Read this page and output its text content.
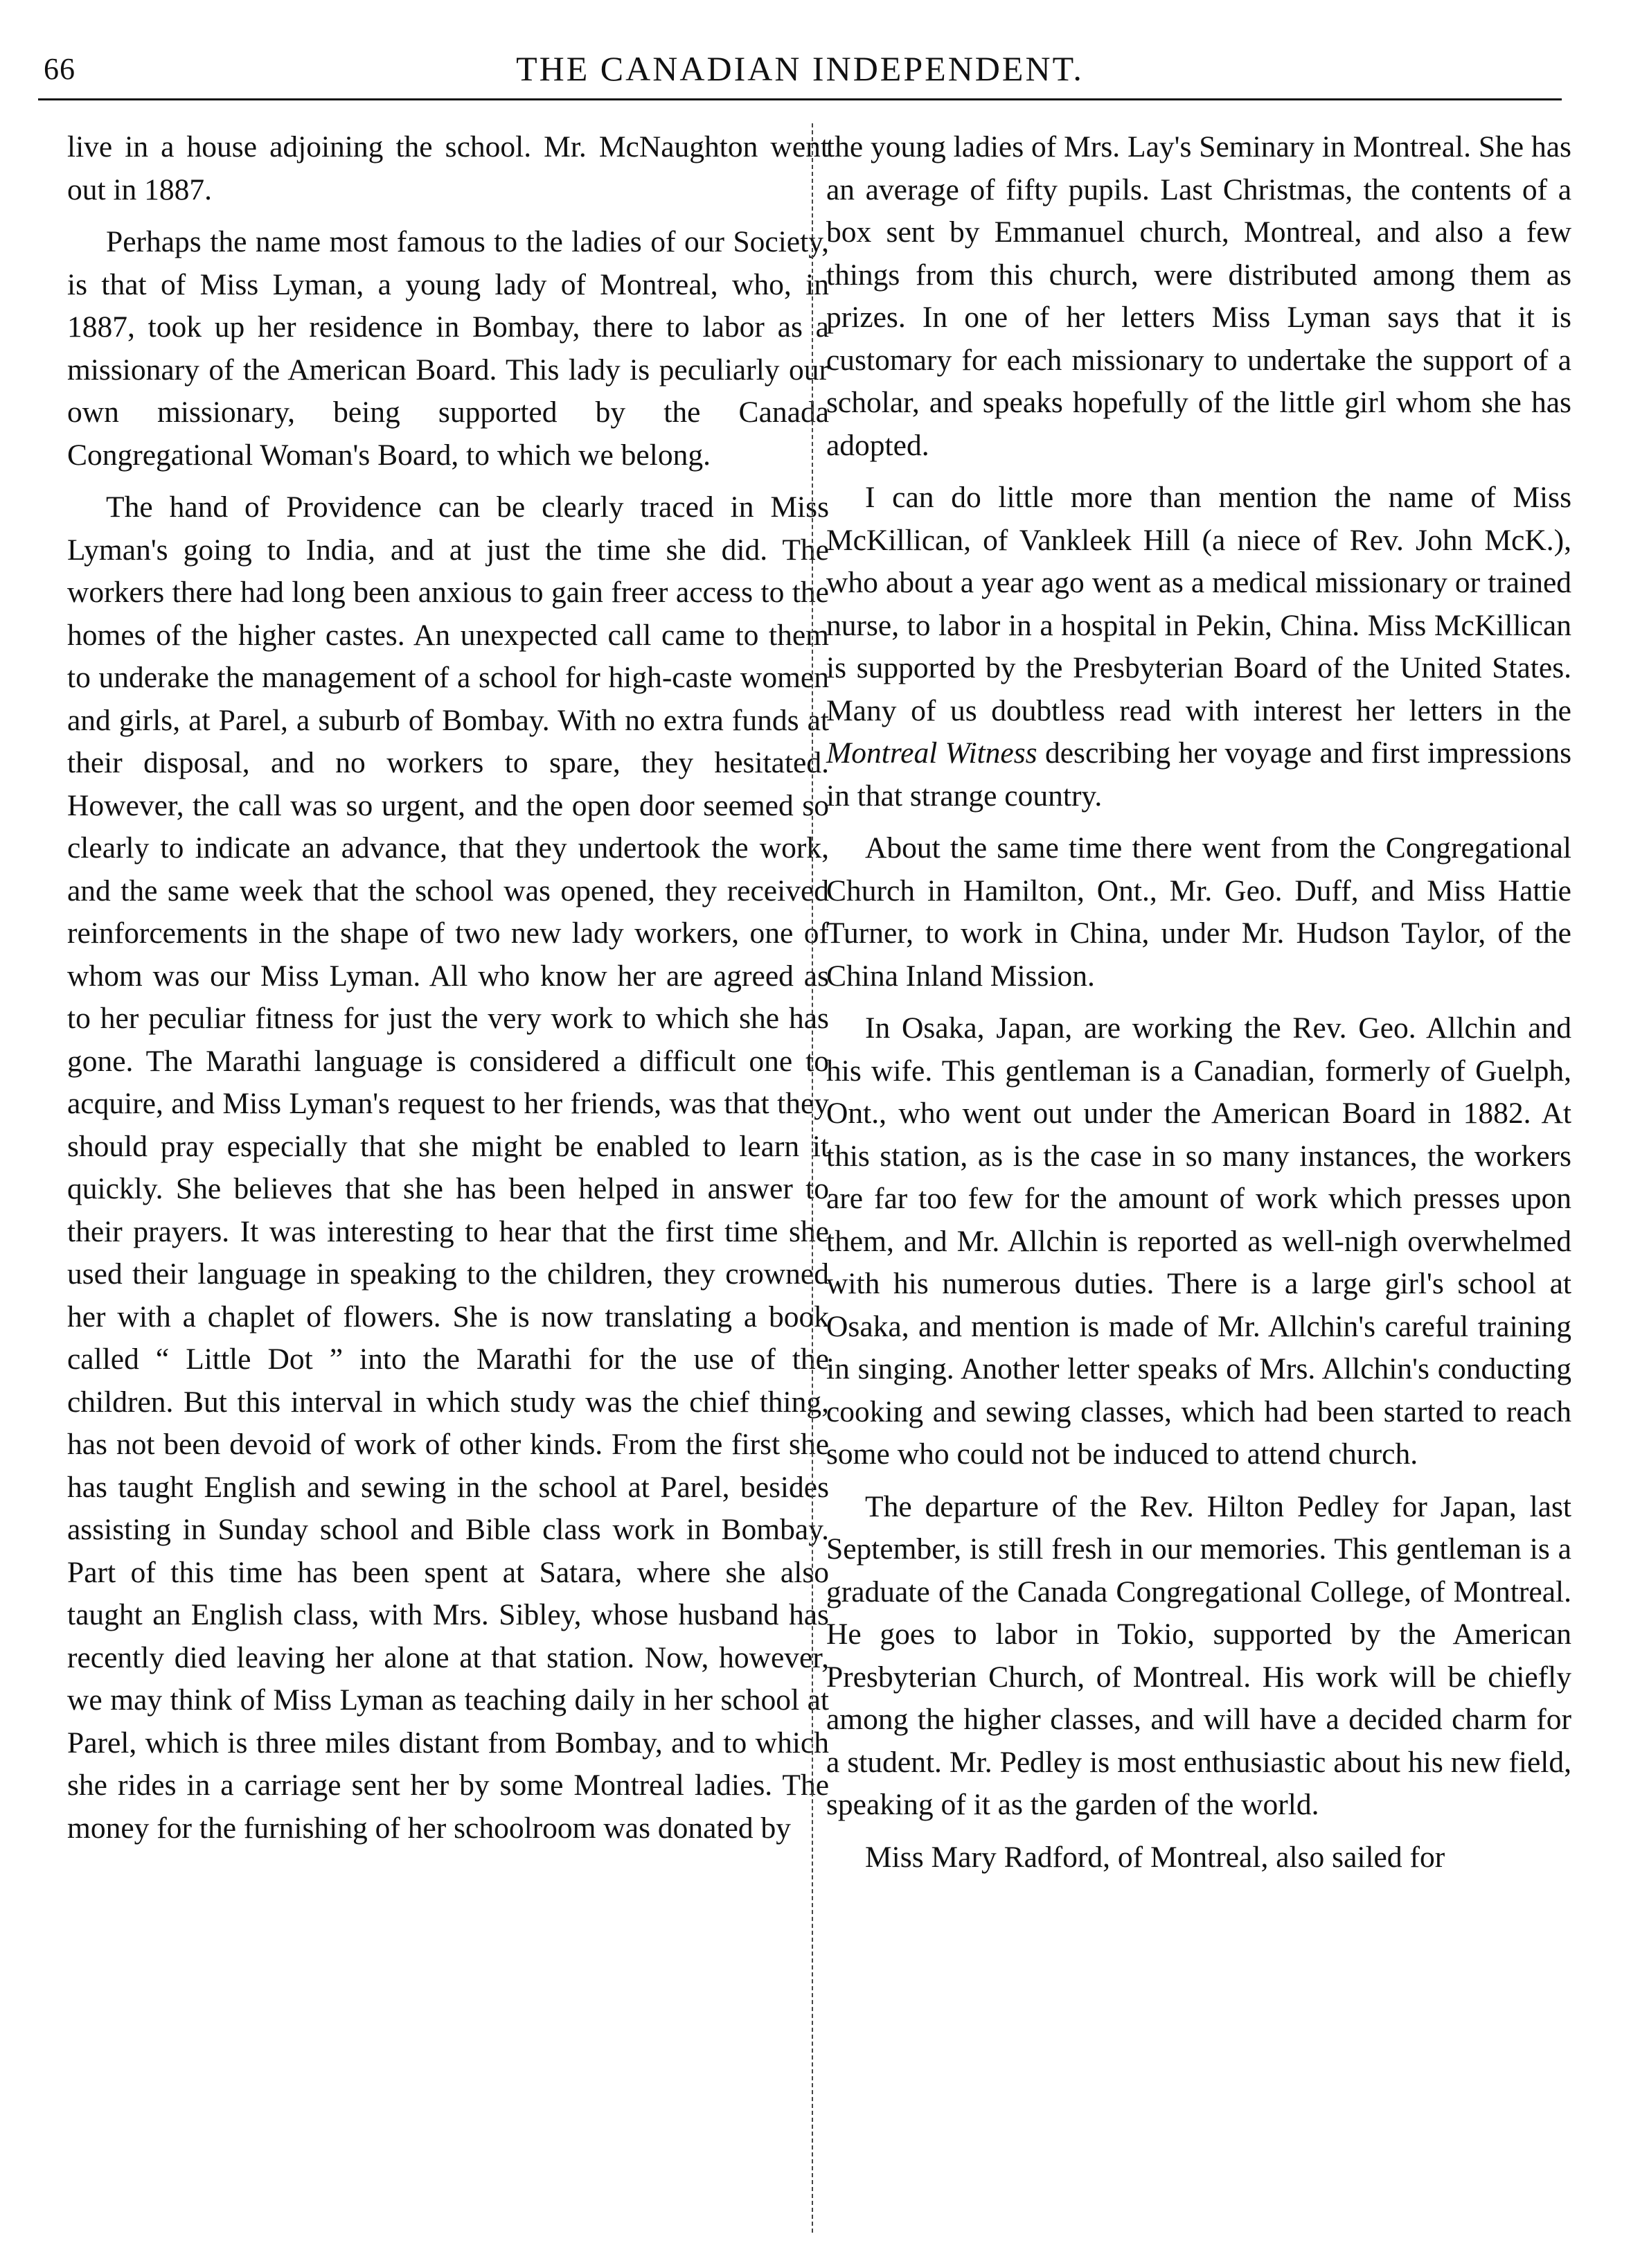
66	THE CANADIAN INDEPENDENT.

live in a house adjoining the school. Mr. McNaughton went out in 1887.

Perhaps the name most famous to the ladies of our Society, is that of Miss Lyman, a young lady of Montreal, who, in 1887, took up her residence in Bombay, there to labor as a missionary of the American Board. This lady is peculiarly our own missionary, being supported by the Canada Congregational Woman's Board, to which we belong.

The hand of Providence can be clearly traced in Miss Lyman's going to India, and at just the time she did. The workers there had long been anxious to gain freer access to the homes of the higher castes. An unexpected call came to them to underake the management of a school for high-caste women and girls, at Parel, a suburb of Bombay. With no extra funds at their disposal, and no workers to spare, they hesitated. However, the call was so urgent, and the open door seemed so clearly to indicate an advance, that they undertook the work, and the same week that the school was opened, they received reinforcements in the shape of two new lady workers, one of whom was our Miss Lyman. All who know her are agreed as to her peculiar fitness for just the very work to which she has gone. The Marathi language is considered a difficult one to acquire, and Miss Lyman's request to her friends, was that they should pray especially that she might be enabled to learn it quickly. She believes that she has been helped in answer to their prayers. It was interesting to hear that the first time she used their language in speaking to the children, they crowned her with a chaplet of flowers. She is now translating a book called “ Little Dot ” into the Marathi for the use of the children. But this interval in which study was the chief thing, has not been devoid of work of other kinds. From the first she has taught English and sewing in the school at Parel, besides assisting in Sunday school and Bible class work in Bombay. Part of this time has been spent at Satara, where she also taught an English class, with Mrs. Sibley, whose husband has recently died leaving her alone at that station. Now, however, we may think of Miss Lyman as teaching daily in her school at Parel, which is three miles distant from Bombay, and to which she rides in a carriage sent her by some Montreal ladies. The money for the furnishing of her schoolroom was donated by

the young ladies of Mrs. Lay's Seminary in Montreal. She has an average of fifty pupils. Last Christmas, the contents of a box sent by Emmanuel church, Montreal, and also a few things from this church, were distributed among them as prizes. In one of her letters Miss Lyman says that it is customary for each missionary to undertake the support of a scholar, and speaks hopefully of the little girl whom she has adopted.

I can do little more than mention the name of Miss McKillican, of Vankleek Hill (a niece of Rev. John McK.), who about a year ago went as a medical missionary or trained nurse, to labor in a hospital in Pekin, China. Miss McKillican is supported by the Presbyterian Board of the United States. Many of us doubtless read with interest her letters in the Montreal Witness describing her voyage and first impressions in that strange country.

About the same time there went from the Congregational Church in Hamilton, Ont., Mr. Geo. Duff, and Miss Hattie Turner, to work in China, under Mr. Hudson Taylor, of the China Inland Mission.

In Osaka, Japan, are working the Rev. Geo. Allchin and his wife. This gentleman is a Canadian, formerly of Guelph, Ont., who went out under the American Board in 1882. At this station, as is the case in so many instances, the workers are far too few for the amount of work which presses upon them, and Mr. Allchin is reported as well-nigh overwhelmed with his numerous duties. There is a large girl's school at Osaka, and mention is made of Mr. Allchin's careful training in singing. Another letter speaks of Mrs. Allchin's conducting cooking and sewing classes, which had been started to reach some who could not be induced to attend church.

The departure of the Rev. Hilton Pedley for Japan, last September, is still fresh in our memories. This gentleman is a graduate of the Canada Congregational College, of Montreal. He goes to labor in Tokio, supported by the American Presbyterian Church, of Montreal. His work will be chiefly among the higher classes, and will have a decided charm for a student. Mr. Pedley is most enthusiastic about his new field, speaking of it as the garden of the world.

Miss Mary Radford, of Montreal, also sailed for
